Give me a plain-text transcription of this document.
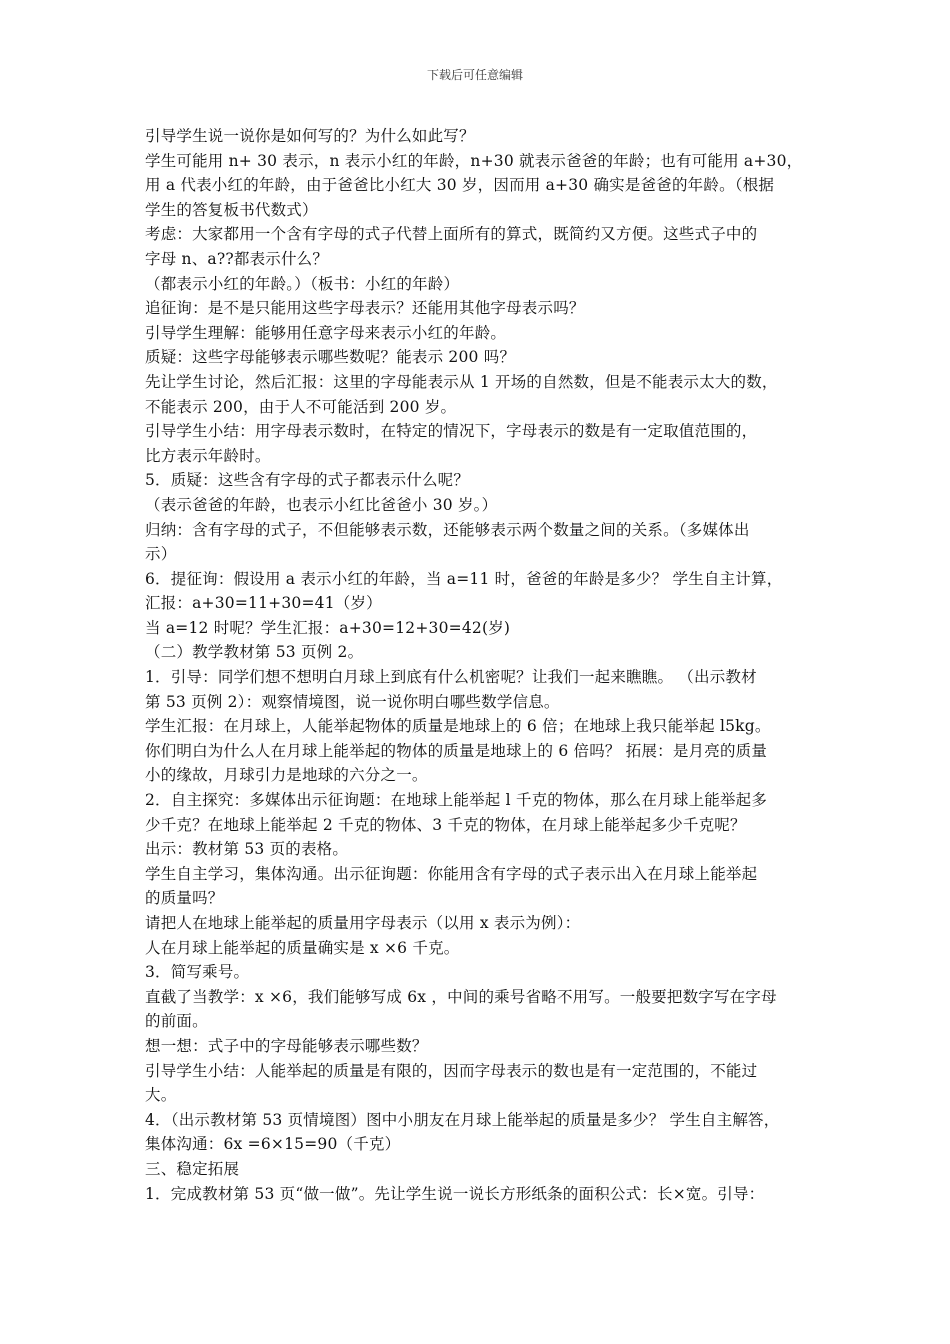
下载后可任意编辑
引导学生说一说你是如何写的？为什么如此写？
学生可能用 n+ 30 表示，n 表示小红的年龄，n+30 就表示爸爸的年龄；也有可能用 a+30，
用 a 代表小红的年龄，由于爸爸比小红大 30 岁，因而用 a+30 确实是爸爸的年龄。（根据
学生的答复板书代数式）
考虑：大家都用一个含有字母的式子代替上面所有的算式，既简约又方便。这些式子中的
字母 n、a??都表示什么？
（都表示小红的年龄。）（板书：小红的年龄）
追征询：是不是只能用这些字母表示？还能用其他字母表示吗？
引导学生理解：能够用任意字母来表示小红的年龄。
质疑：这些字母能够表示哪些数呢？能表示 200 吗？
先让学生讨论，然后汇报：这里的字母能表示从 1 开场的自然数，但是不能表示太大的数，
不能表示 200，由于人不可能活到 200 岁。
引导学生小结：用字母表示数时，在特定的情况下，字母表示的数是有一定取值范围的，
比方表示年龄时。
5．质疑：这些含有字母的式子都表示什么呢？
（表示爸爸的年龄，也表示小红比爸爸小 30 岁。）
归纳：含有字母的式子，不但能够表示数，还能够表示两个数量之间的关系。（多媒体出
示）
6．提征询：假设用 a 表示小红的年龄，当 a=11 时，爸爸的年龄是多少？ 学生自主计算，
汇报：a+30=11+30=41（岁）
当 a=12 时呢？学生汇报：a+30=12+30=42(岁)
（二）教学教材第 53 页例 2。
1．引导：同学们想不想明白月球上到底有什么机密呢？让我们一起来瞧瞧。 （出示教材
第 53 页例 2）：观察情境图，说一说你明白哪些数学信息。
学生汇报：在月球上，人能举起物体的质量是地球上的 6 倍；在地球上我只能举起 l5kg。
你们明白为什么人在月球上能举起的物体的质量是地球上的 6 倍吗？ 拓展：是月亮的质量
小的缘故，月球引力是地球的六分之一。
2．自主探究：多媒体出示征询题：在地球上能举起 l 千克的物体，那么在月球上能举起多
少千克？在地球上能举起 2 千克的物体、3 千克的物体，在月球上能举起多少千克呢？
出示：教材第 53 页的表格。
学生自主学习，集体沟通。出示征询题：你能用含有字母的式子表示出入在月球上能举起
的质量吗？
请把人在地球上能举起的质量用字母表示（以用 x 表示为例）：
人在月球上能举起的质量确实是 x ×6 千克。
3．简写乘号。
直截了当教学：x ×6，我们能够写成 6x ，中间的乘号省略不用写。一般要把数字写在字母
的前面。
想一想：式子中的字母能够表示哪些数？
引导学生小结：人能举起的质量是有限的，因而字母表示的数也是有一定范围的，不能过
大。
4．（出示教材第 53 页情境图）图中小朋友在月球上能举起的质量是多少？ 学生自主解答，
集体沟通：6x =6×15=90（千克）
三、稳定拓展
1．完成教材第 53 页“做一做”。先让学生说一说长方形纸条的面积公式：长×宽。引导：
